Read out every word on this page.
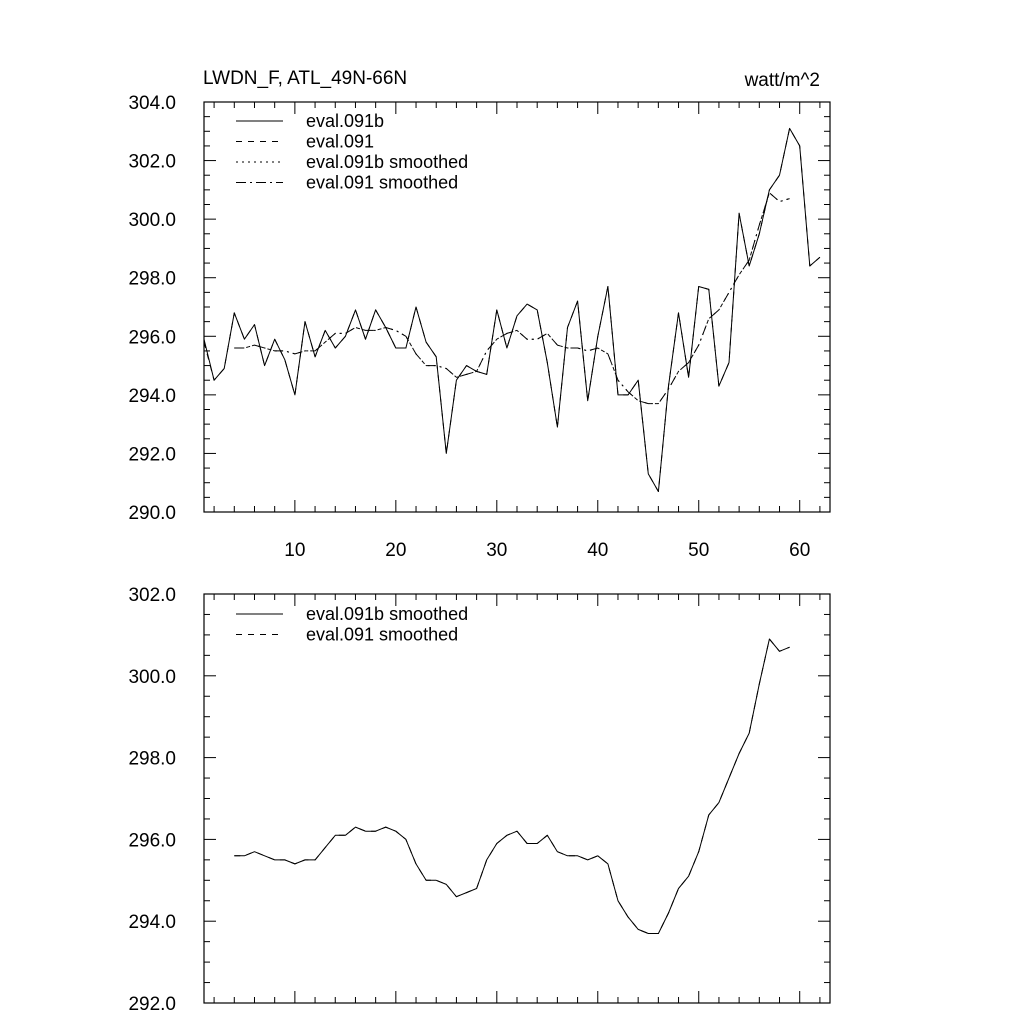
LWDN_F, ATL_49N-66N	watt/m^2
304.0
302.0
300.0
298.0
296.0
294.0
292.0
290.0
10	20	30	40	50	60
eval.091b
eval.091
eval.091b smoothed
eval.091 smoothed
302.0
300.0
298.0
296.0
294.0
292.0
eval.091b smoothed
eval.091 smoothed
